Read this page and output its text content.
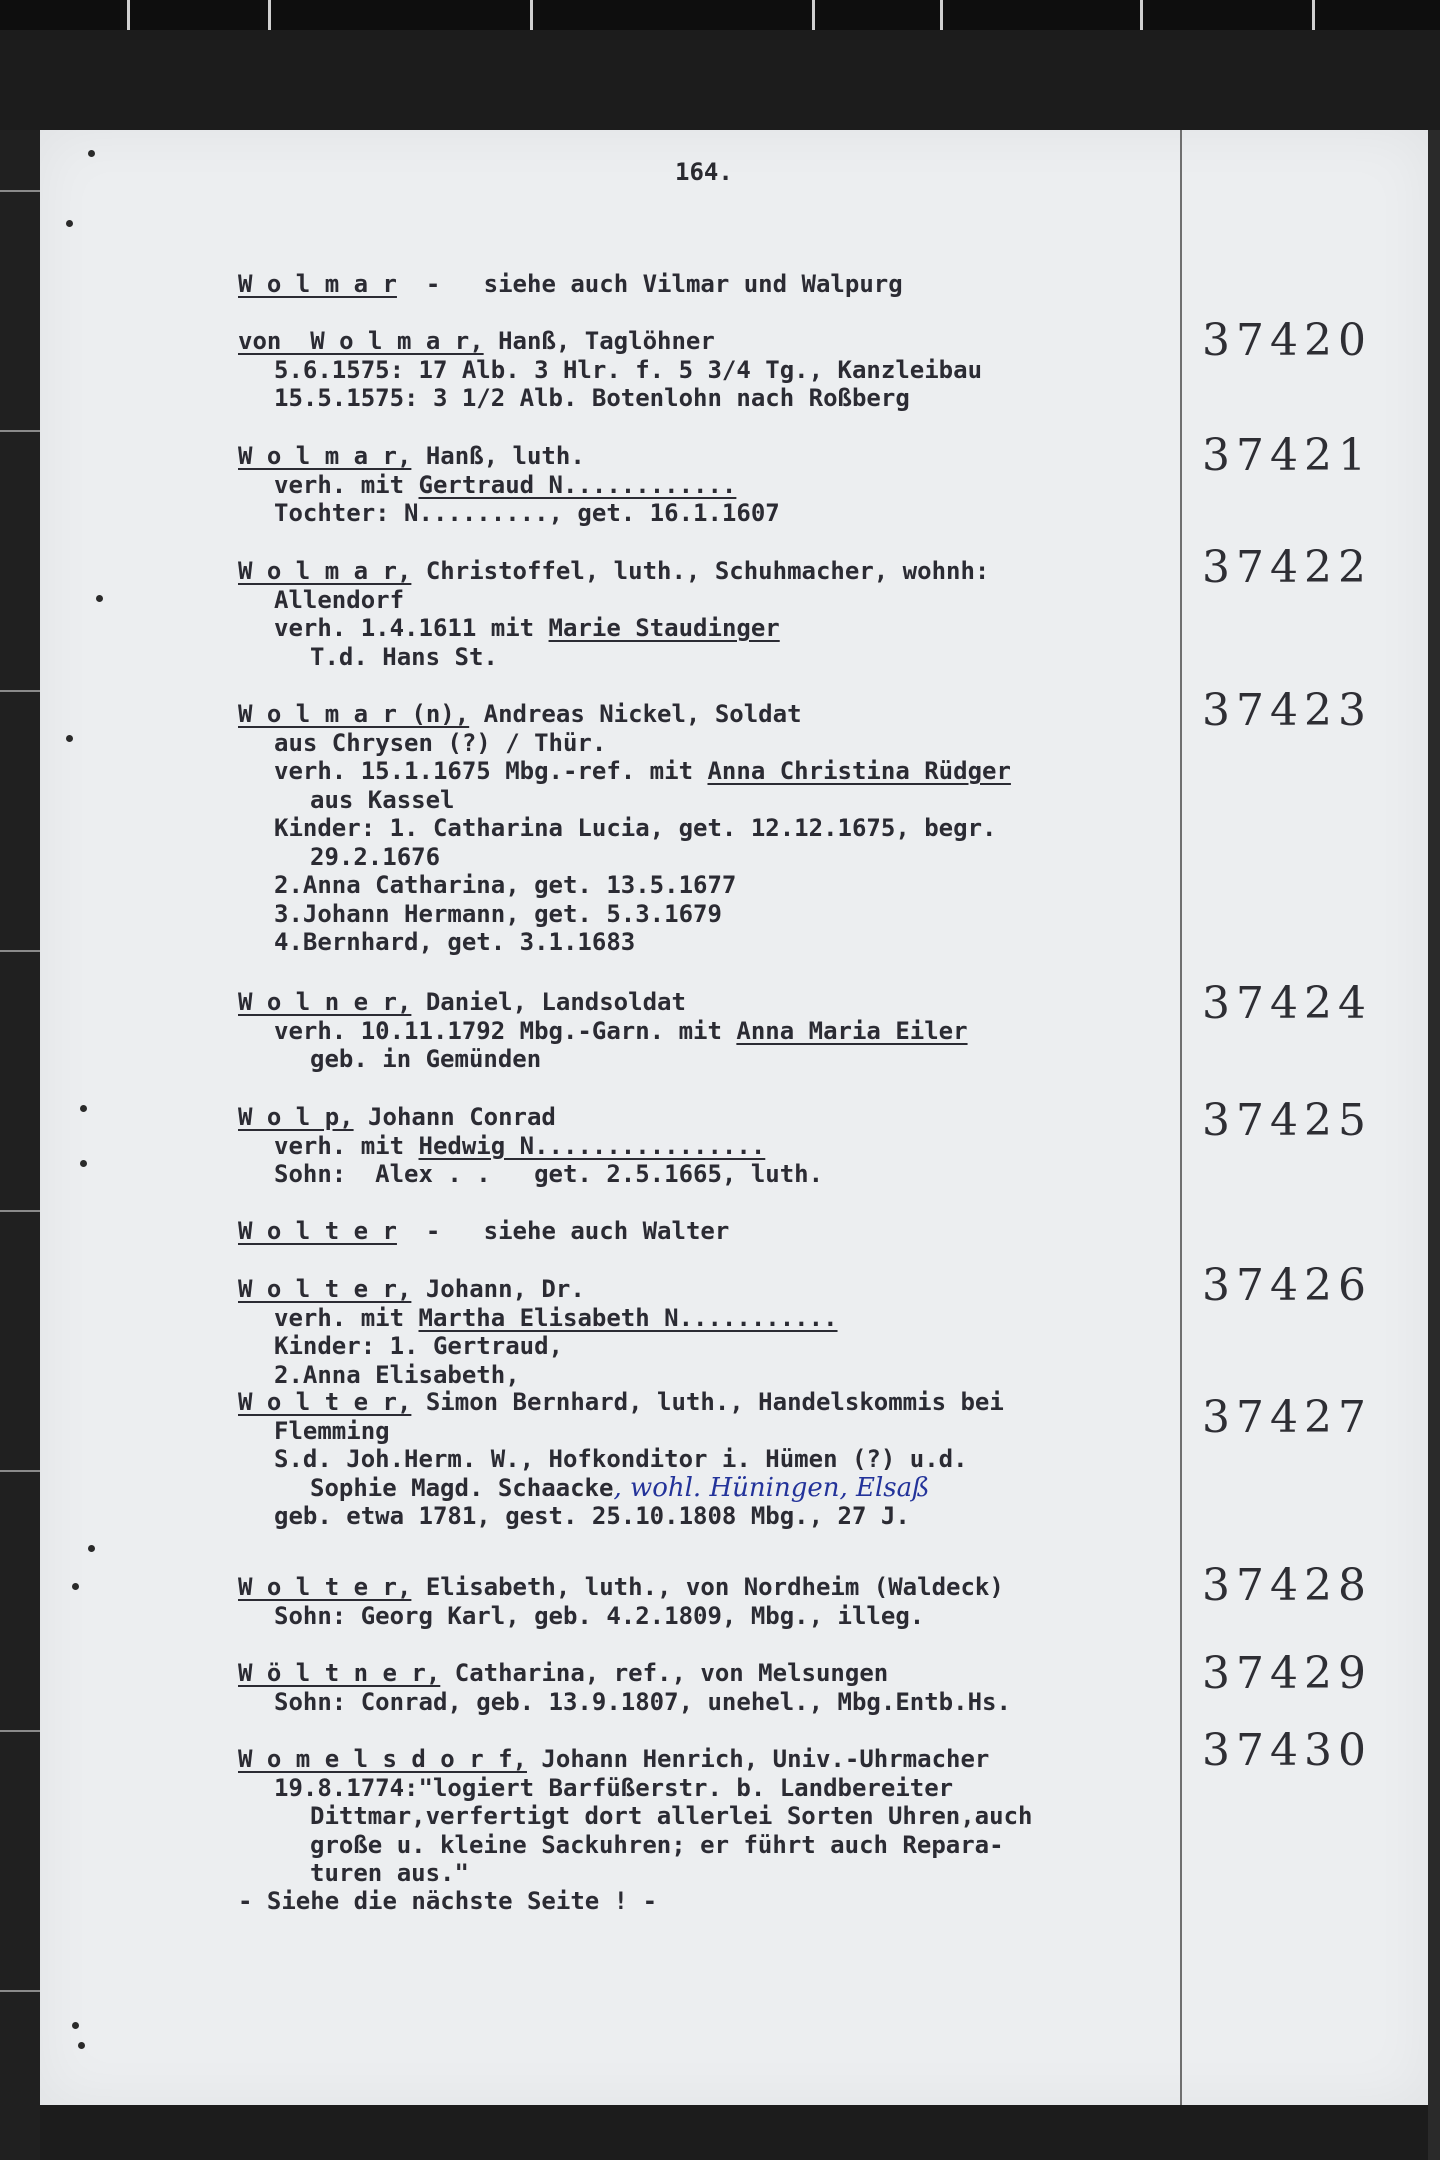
164.
W o l m a r  -   siehe auch Vilmar und Walpurg
von  W o l m a r, Hanß, Taglöhner
5.6.1575: 17 Alb. 3 Hlr. f. 5 3/4 Tg., Kanzleibau
15.5.1575: 3 1/2 Alb. Botenlohn nach Roßberg
37420
W o l m a r, Hanß, luth.
verh. mit Gertraud N............
Tochter: N........., get. 16.1.1607
37421
W o l m a r, Christoffel, luth., Schuhmacher, wohnh:
Allendorf
verh. 1.4.1611 mit Marie Staudinger
T.d. Hans St.
37422
W o l m a r (n), Andreas Nickel, Soldat
aus Chrysen (?) / Thür.
verh. 15.1.1675 Mbg.-ref. mit Anna Christina Rüdger
aus Kassel
Kinder: 1. Catharina Lucia, get. 12.12.1675, begr.
29.2.1676
2.Anna Catharina, get. 13.5.1677
3.Johann Hermann, get. 5.3.1679
4.Bernhard, get. 3.1.1683
37423
W o l n e r, Daniel, Landsoldat
verh. 10.11.1792 Mbg.-Garn. mit Anna Maria Eiler
geb. in Gemünden
37424
W o l p, Johann Conrad
verh. mit Hedwig N................
Sohn:  Alex . .   get. 2.5.1665, luth.
37425
W o l t e r  -   siehe auch Walter
W o l t e r, Johann, Dr.
verh. mit Martha Elisabeth N...........
Kinder: 1. Gertraud,
2.Anna Elisabeth,
37426
W o l t e r, Simon Bernhard, luth., Handelskommis bei
Flemming
S.d. Joh.Herm. W., Hofkonditor i. Hümen (?) u.d.
Sophie Magd. Schaacke, wohl. Hüningen, Elsaß
geb. etwa 1781, gest. 25.10.1808 Mbg., 27 J.
37427
W o l t e r, Elisabeth, luth., von Nordheim (Waldeck)
Sohn: Georg Karl, geb. 4.2.1809, Mbg., illeg.
37428
W ö l t n e r, Catharina, ref., von Melsungen
Sohn: Conrad, geb. 13.9.1807, unehel., Mbg.Entb.Hs.
37429
W o m e l s d o r f, Johann Henrich, Univ.-Uhrmacher
19.8.1774:"logiert Barfüßerstr. b. Landbereiter
Dittmar,verfertigt dort allerlei Sorten Uhren,auch
große u. kleine Sackuhren; er führt auch Repara-
turen aus."
37430
- Siehe die nächste Seite ! -
